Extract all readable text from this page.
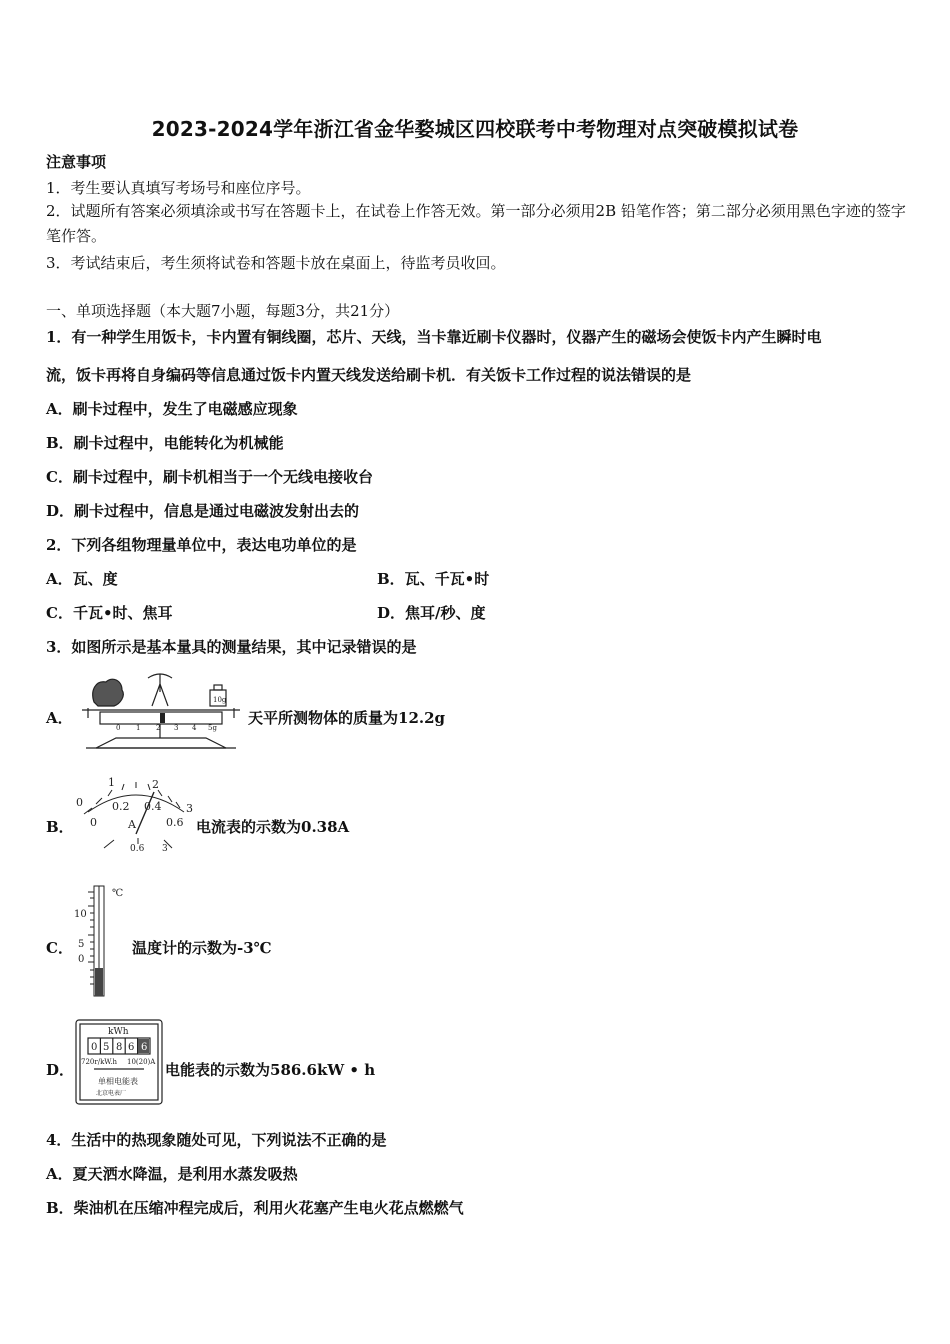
2023-2024学年浙江省金华婺城区四校联考中考物理对点突破模拟试卷
注意事项
1．考生要认真填写考场号和座位序号。
2．试题所有答案必须填涂或书写在答题卡上，在试卷上作答无效。第一部分必须用2B 铅笔作答；第二部分必须用黑色字迹的签字笔作答。
3．考试结束后，考生须将试卷和答题卡放在桌面上，待监考员收回。
一、单项选择题（本大题7小题，每题3分，共21分）
1．有一种学生用饭卡，卡内置有铜线圈，芯片、天线，当卡靠近刷卡仪器时，仪器产生的磁场会使饭卡内产生瞬时电
流，饭卡再将自身编码等信息通过饭卡内置天线发送给刷卡机．有关饭卡工作过程的说法错误的是
A．刷卡过程中，发生了电磁感应现象
B．刷卡过程中，电能转化为机械能
C．刷卡过程中，刷卡机相当于一个无线电接收台
D．刷卡过程中，信息是通过电磁波发射出去的
2．下列各组物理量单位中，表达电功单位的是
A．瓦、度	B．瓦、千瓦•时
C．千瓦•时、焦耳	D．焦耳/秒、度
3．如图所示是基本量具的测量结果，其中记录错误的是
A．
10g
0 1 2 3 4 5g
天平所测物体的质量为12.2g
B．
1	2
0.2 0.4
0	3
0	0.6
A
0.6 3
电流表的示数为0.38A
C．
℃
10
5
0
温度计的示数为-3℃
D．
kWh
0 5 8 6 6
720r/kW.h 10(20)A
单相电能表
北京电表厂
电能表的示数为586.6kW • h
4．生活中的热现象随处可见，下列说法不正确的是
A．夏天洒水降温，是利用水蒸发吸热
B．柴油机在压缩冲程完成后，利用火花塞产生电火花点燃燃气
